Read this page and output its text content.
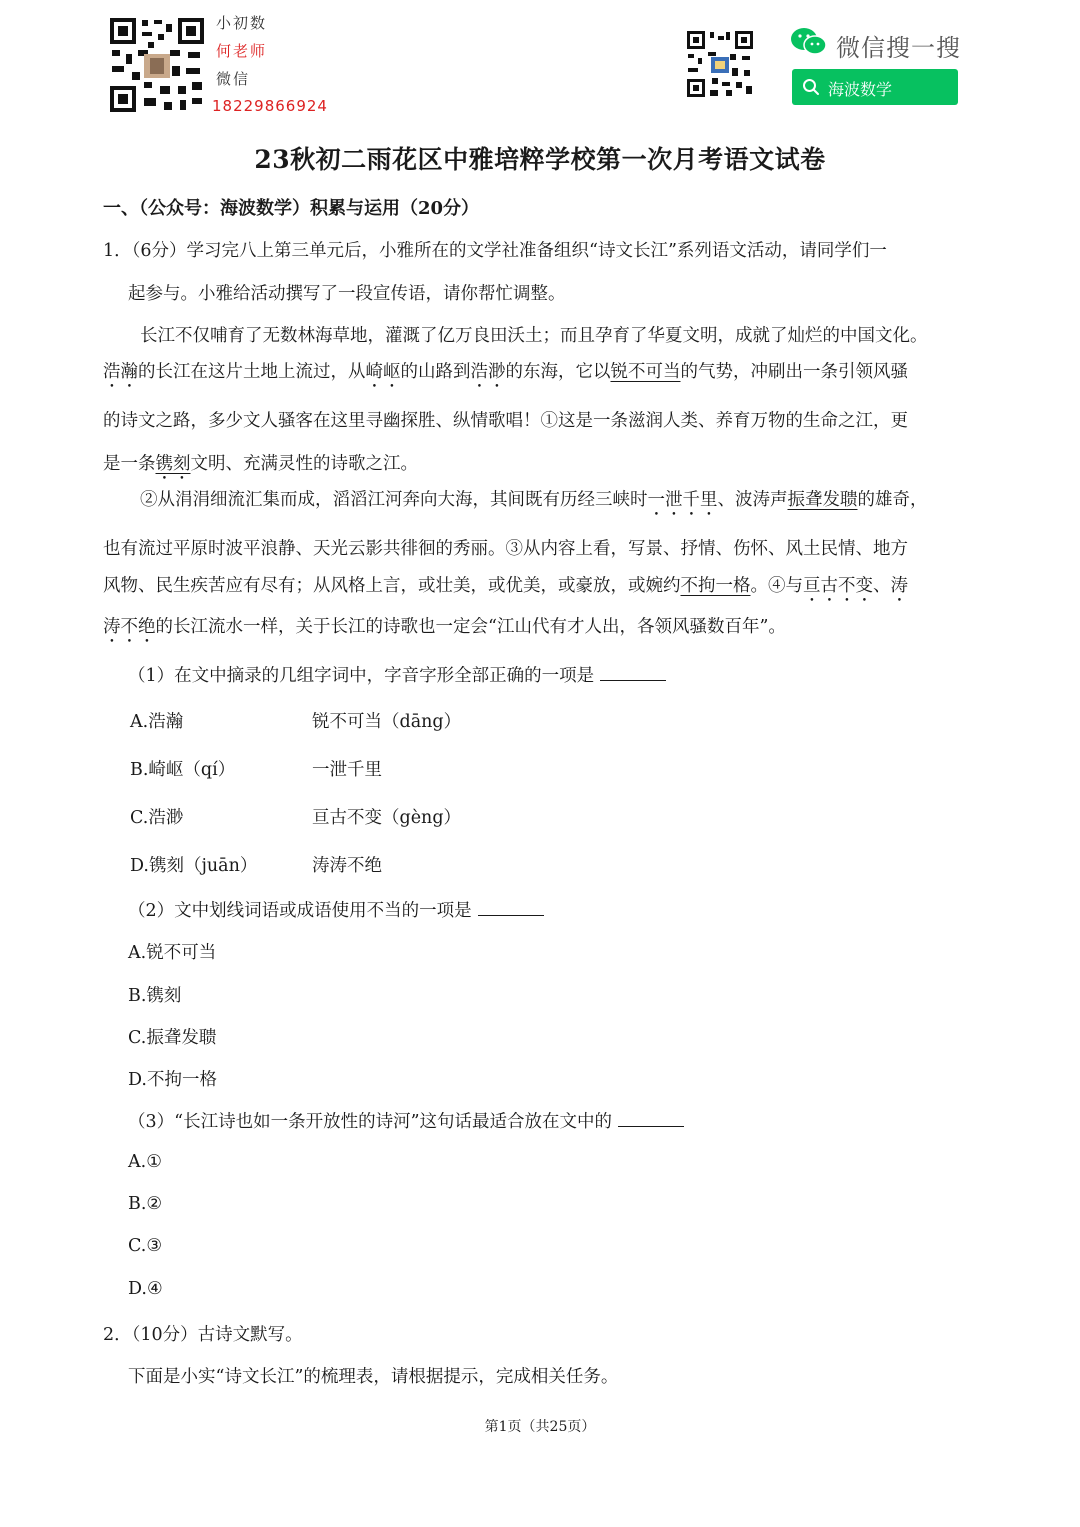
小初数
何老师
微信
18229866924
微信搜一搜
海波数学
23秋初二雨花区中雅培粹学校第一次月考语文试卷
一、（公众号：海波数学）积累与运用（20分）
1．（6分）学习完八上第三单元后，小雅所在的文学社准备组织“诗文长江”系列语文活动，请同学们一
起参与。小雅给活动撰写了一段宣传语，请你帮忙调整。
长江不仅哺育了无数林海草地，灌溉了亿万良田沃土；而且孕育了华夏文明，成就了灿烂的中国文化。
浩瀚的长江在这片土地上流过，从崎岖的山路到浩渺的东海，它以锐不可当的气势，冲刷出一条引领风骚
的诗文之路，多少文人骚客在这里寻幽探胜、纵情歌唱！①这是一条滋润人类、养育万物的生命之江，更
是一条镌刻文明、充满灵性的诗歌之江。
②从涓涓细流汇集而成，滔滔江河奔向大海，其间既有历经三峡时一泄千里、波涛声振聋发聩的雄奇，
也有流过平原时波平浪静、天光云影共徘徊的秀丽。③从内容上看，写景、抒情、伤怀、风土民情、地方
风物、民生疾苦应有尽有；从风格上言，或壮美，或优美，或豪放，或婉约不拘一格。④与亘古不变、涛
涛不绝的长江流水一样，关于长江的诗歌也一定会“江山代有才人出，各领风骚数百年”。
（1）在文中摘录的几组字词中，字音字形全部正确的一项是
A.浩瀚	锐不可当（dāng）
B.崎岖（qí）	一泄千里
C.浩渺	亘古不变（gèng）
D.镌刻（juān）	涛涛不绝
（2）文中划线词语或成语使用不当的一项是
A.锐不可当
B.镌刻
C.振聋发聩
D.不拘一格
（3）“长江诗也如一条开放性的诗河”这句话最适合放在文中的
A.①
B.②
C.③
D.④
2．（10分）古诗文默写。
下面是小实“诗文长江”的梳理表，请根据提示，完成相关任务。
第1页（共25页）
